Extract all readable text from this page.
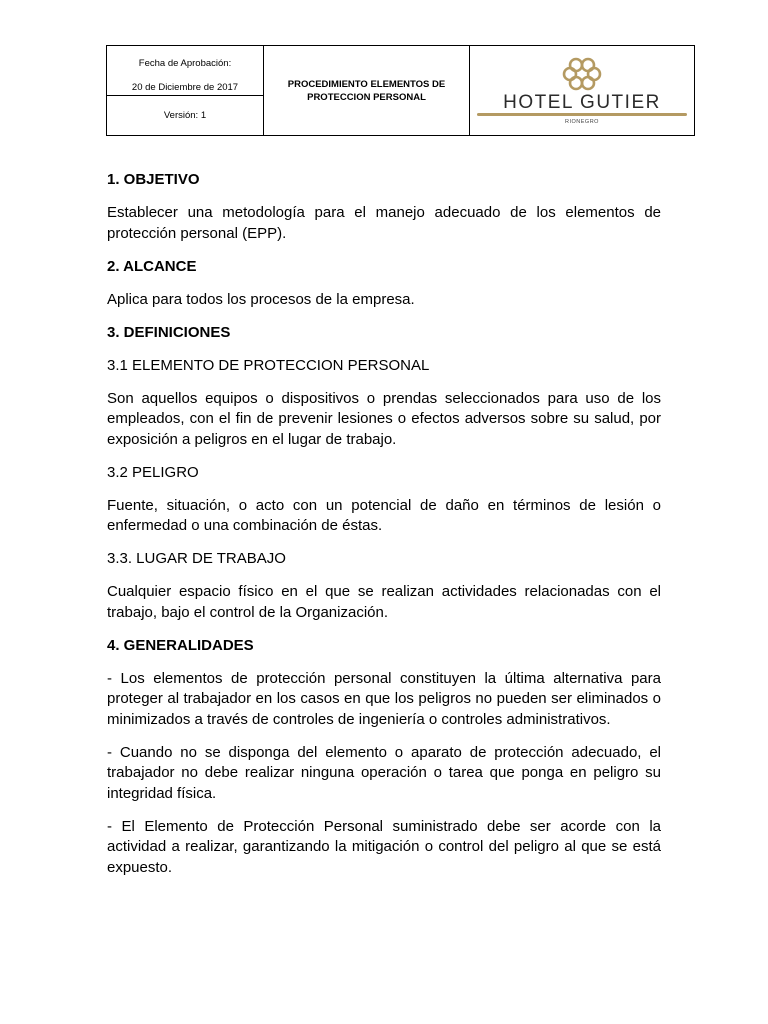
Fecha de Aprobación:
20 de Diciembre de 2017
Versión: 1
PROCEDIMIENTO ELEMENTOS DE PROTECCION PERSONAL	HOTEL GUTIER
RIONEGRO

1. OBJETIVO

Establecer una metodología para el manejo adecuado de los elementos de protección personal (EPP).

2. ALCANCE

Aplica para todos los procesos de la empresa.

3. DEFINICIONES

3.1 ELEMENTO DE PROTECCION PERSONAL

Son aquellos equipos o dispositivos o prendas seleccionados para uso de los empleados, con el fin de prevenir lesiones o efectos adversos sobre su salud, por exposición a peligros en el lugar de trabajo.

3.2 PELIGRO

Fuente, situación, o acto con un potencial de daño en términos de lesión o enfermedad o una combinación de éstas.

3.3. LUGAR DE TRABAJO

Cualquier espacio físico en el que se realizan actividades relacionadas con el trabajo, bajo el control de la Organización.

4. GENERALIDADES

- Los elementos de protección personal constituyen la última alternativa para proteger al trabajador en los casos en que los peligros no pueden ser eliminados o minimizados a través de controles de ingeniería o controles administrativos.

- Cuando no se disponga del elemento o aparato de protección adecuado, el trabajador no debe realizar ninguna operación o tarea que ponga en peligro su integridad física.

- El Elemento de Protección Personal suministrado debe ser acorde con la actividad a realizar, garantizando la mitigación o control del peligro al que se está expuesto.
